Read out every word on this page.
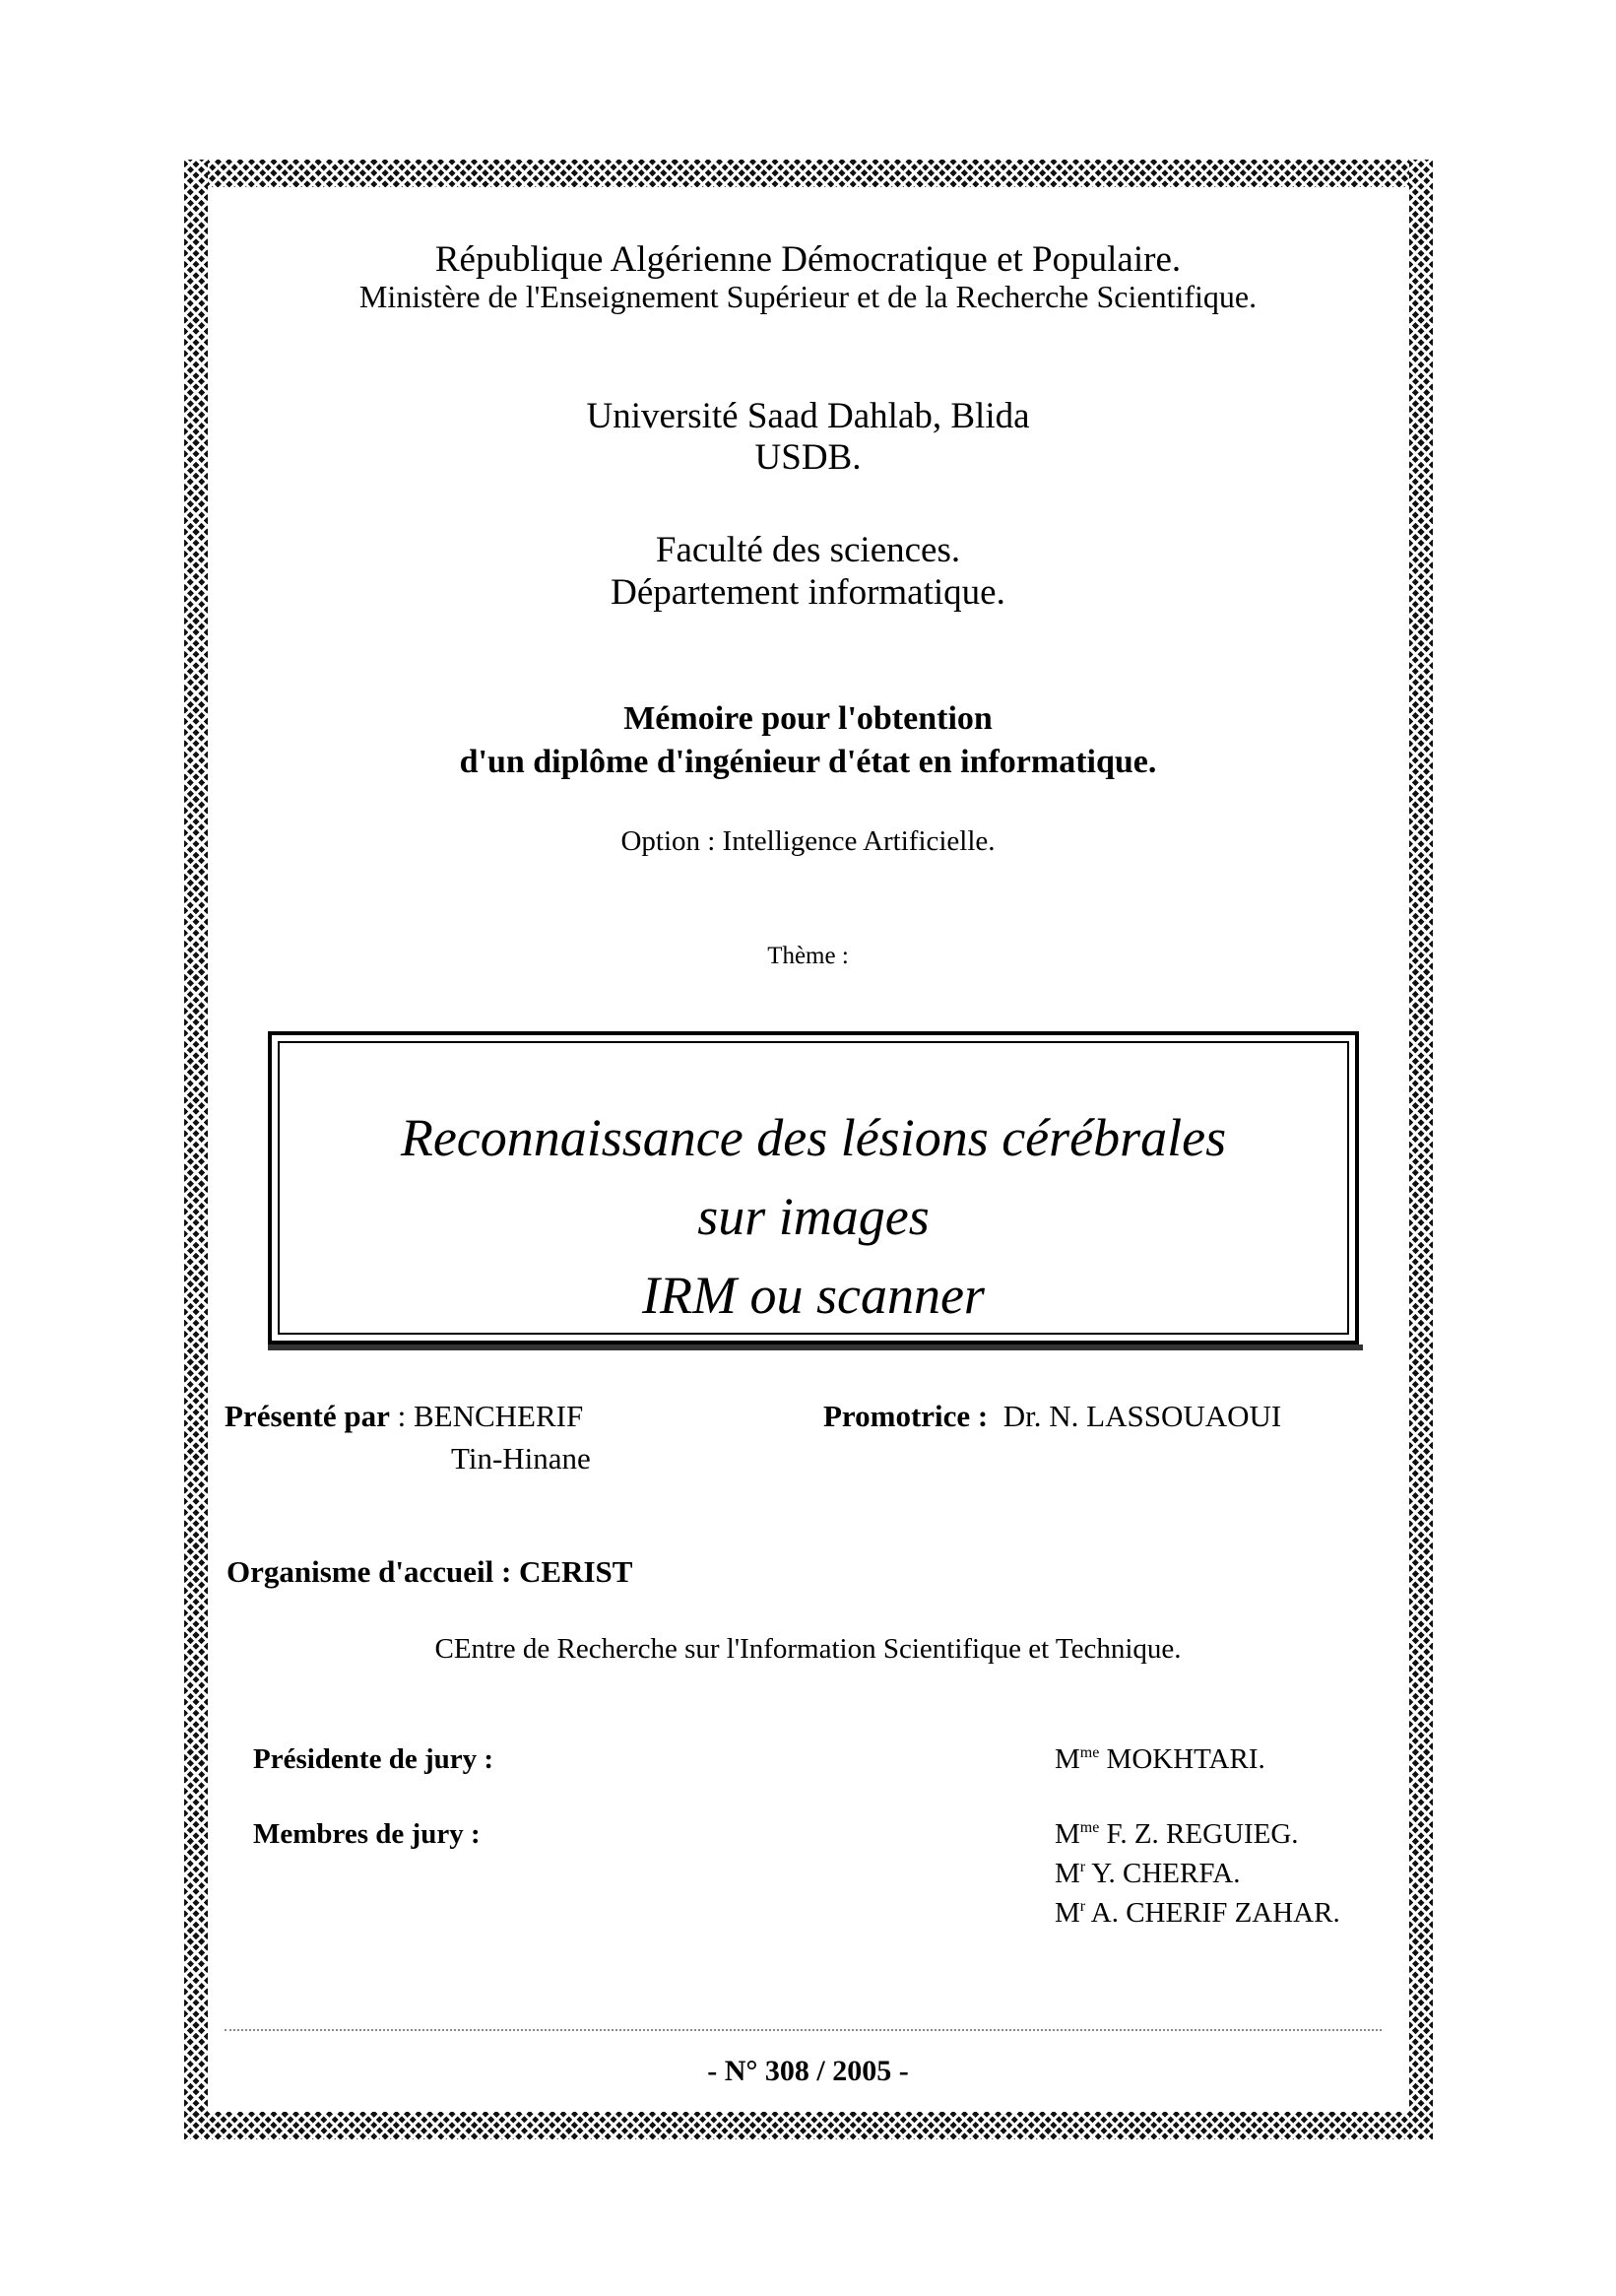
République Algérienne Démocratique et Populaire.
Ministère de l'Enseignement Supérieur et de la Recherche Scientifique.
Université Saad Dahlab, Blida
USDB.
Faculté des sciences.
Département informatique.
Mémoire pour l'obtention
d'un diplôme d'ingénieur d'état en informatique.
Option : Intelligence Artificielle.
Thème :
Reconnaissance des lésions cérébrales
sur images
IRM ou scanner
Présenté par : BENCHERIF
Tin-Hinane
Promotrice : Dr. N. LASSOUAOUI
Organisme d'accueil : CERIST
CEntre de Recherche sur l'Information Scientifique et Technique.
Présidente de jury :	$M^{me}$ MOKHTARI.
Membres de jury :	$M^{me}$ F. Z. REGUIEG.
$M^r$ Y. CHERFA.
$M^r$ A. CHERIF ZAHAR.
- N° 308 / 2005 -
